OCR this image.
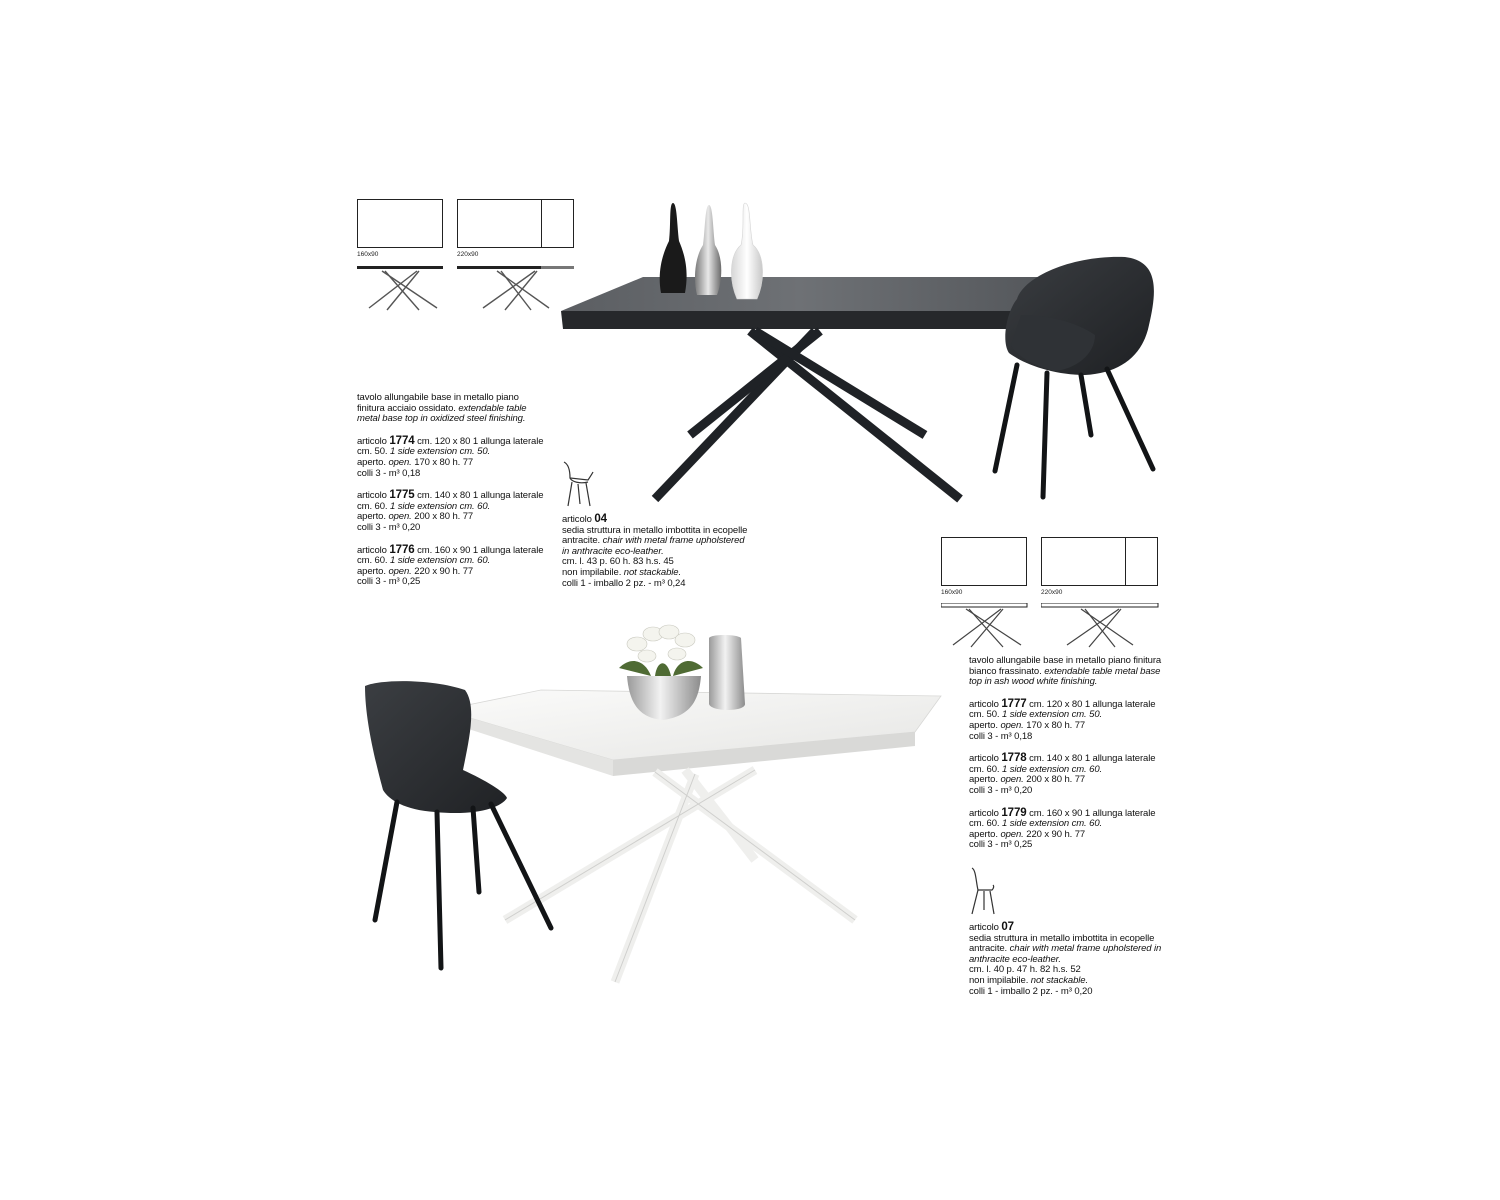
160x90	220x90

tavolo allungabile base in metallo piano finitura acciaio ossidato. extendable table metal base top in oxidized steel finishing.

articolo 1774 cm. 120 x 80 1 allunga laterale cm. 50. 1 side extension cm. 50.
aperto. open. 170 x 80 h. 77
colli 3 - m³ 0,18

articolo 1775 cm. 140 x 80 1 allunga laterale cm. 60. 1 side extension cm. 60.
aperto. open. 200 x 80 h. 77
colli 3 - m³ 0,20

articolo 1776 cm. 160 x 90 1 allunga laterale cm. 60. 1 side extension cm. 60.
aperto. open. 220 x 90 h. 77
colli 3 - m³ 0,25

articolo 04
sedia struttura in metallo imbottita in ecopelle antracite. chair with metal frame upholstered in anthracite eco-leather.
cm. l. 43 p. 60 h. 83 h.s. 45
non impilabile. not stackable.
colli 1 - imballo 2 pz. - m³ 0,24
160x90	220x90

tavolo allungabile base in metallo piano finitura bianco frassinato. extendable table metal base top in ash wood white finishing.

articolo 1777 cm. 120 x 80 1 allunga laterale cm. 50. 1 side extension cm. 50.
aperto. open. 170 x 80 h. 77
colli 3 - m³ 0,18

articolo 1778 cm. 140 x 80 1 allunga laterale cm. 60. 1 side extension cm. 60.
aperto. open. 200 x 80 h. 77
colli 3 - m³ 0,20

articolo 1779 cm. 160 x 90 1 allunga laterale cm. 60. 1 side extension cm. 60.
aperto. open. 220 x 90 h. 77
colli 3 - m³ 0,25

articolo 07
sedia struttura in metallo imbottita in ecopelle antracite. chair with metal frame upholstered in anthracite eco-leather.
cm. l. 40 p. 47 h. 82 h.s. 52
non impilabile. not stackable.
colli 1 - imballo 2 pz. - m³ 0,20
